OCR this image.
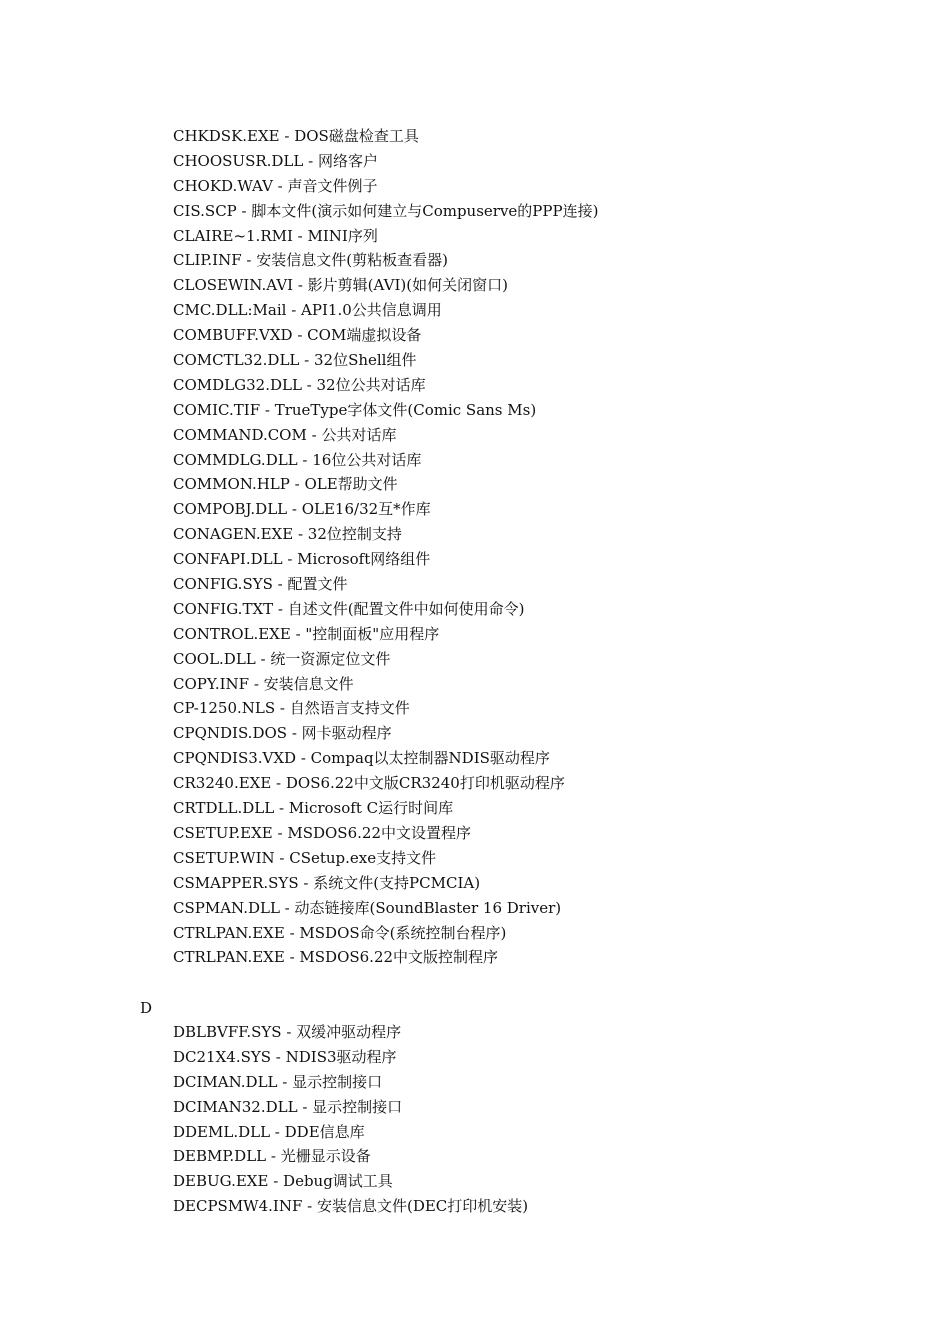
CHKDSK.EXE - DOS磁盘检查工具
CHOOSUSR.DLL - 网络客户
CHOKD.WAV - 声音文件例子
CIS.SCP - 脚本文件(演示如何建立与Compuserve的PPP连接)
CLAIRE~1.RMI - MINI序列
CLIP.INF - 安装信息文件(剪粘板查看器)
CLOSEWIN.AVI - 影片剪辑(AVI)(如何关闭窗口)
CMC.DLL:Mail - API1.0公共信息调用
COMBUFF.VXD - COM端虚拟设备
COMCTL32.DLL - 32位Shell组件
COMDLG32.DLL - 32位公共对话库
COMIC.TIF - TrueType字体文件(Comic Sans Ms)
COMMAND.COM - 公共对话库
COMMDLG.DLL - 16位公共对话库
COMMON.HLP - OLE帮助文件
COMPOBJ.DLL - OLE16/32互*作库
CONAGEN.EXE - 32位控制支持
CONFAPI.DLL - Microsoft网络组件
CONFIG.SYS - 配置文件
CONFIG.TXT - 自述文件(配置文件中如何使用命令)
CONTROL.EXE - "控制面板"应用程序
COOL.DLL - 统一资源定位文件
COPY.INF - 安装信息文件
CP-1250.NLS - 自然语言支持文件
CPQNDIS.DOS - 网卡驱动程序
CPQNDIS3.VXD - Compaq以太控制器NDIS驱动程序
CR3240.EXE - DOS6.22中文版CR3240打印机驱动程序
CRTDLL.DLL - Microsoft C运行时间库
CSETUP.EXE - MSDOS6.22中文设置程序
CSETUP.WIN - CSetup.exe支持文件
CSMAPPER.SYS - 系统文件(支持PCMCIA)
CSPMAN.DLL - 动态链接库(SoundBlaster 16 Driver)
CTRLPAN.EXE - MSDOS命令(系统控制台程序)
CTRLPAN.EXE - MSDOS6.22中文版控制程序
D
DBLBVFF.SYS - 双缓冲驱动程序
DC21X4.SYS - NDIS3驱动程序
DCIMAN.DLL - 显示控制接口
DCIMAN32.DLL - 显示控制接口
DDEML.DLL - DDE信息库
DEBMP.DLL - 光栅显示设备
DEBUG.EXE - Debug调试工具
DECPSMW4.INF - 安装信息文件(DEC打印机安装)
